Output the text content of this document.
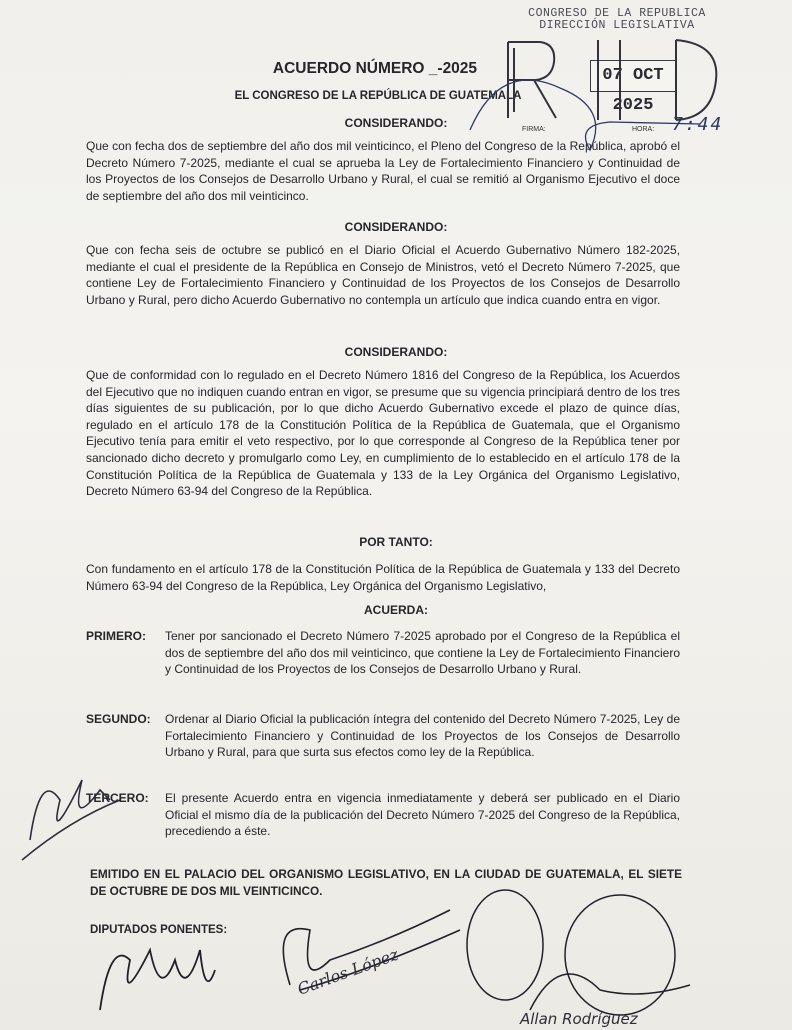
CONGRESO DE LA REPUBLICA
DIRECCIÓN LEGISLATIVA
07 OCT 2025
FIRMA:	HORA: 7:44
ACUERDO NÚMERO _-2025
EL CONGRESO DE LA REPÚBLICA DE GUATEMALA
CONSIDERANDO:
Que con fecha dos de septiembre del año dos mil veinticinco, el Pleno del Congreso de la República, aprobó el Decreto Número 7-2025, mediante el cual se aprueba la Ley de Fortalecimiento Financiero y Continuidad de los Proyectos de los Consejos de Desarrollo Urbano y Rural, el cual se remitió al Organismo Ejecutivo el doce de septiembre del año dos mil veinticinco.
CONSIDERANDO:
Que con fecha seis de octubre se publicó en el Diario Oficial el Acuerdo Gubernativo Número 182-2025, mediante el cual el presidente de la República en Consejo de Ministros, vetó el Decreto Número 7-2025, que contiene Ley de Fortalecimiento Financiero y Continuidad de los Proyectos de los Consejos de Desarrollo Urbano y Rural, pero dicho Acuerdo Gubernativo no contempla un artículo que indica cuando entra en vigor.
CONSIDERANDO:
Que de conformidad con lo regulado en el Decreto Número 1816 del Congreso de la República, los Acuerdos del Ejecutivo que no indiquen cuando entran en vigor, se presume que su vigencia principiará dentro de los tres días siguientes de su publicación, por lo que dicho Acuerdo Gubernativo excede el plazo de quince días, regulado en el artículo 178 de la Constitución Política de la República de Guatemala, que el Organismo Ejecutivo tenía para emitir el veto respectivo, por lo que corresponde al Congreso de la República tener por sancionado dicho decreto y promulgarlo como Ley, en cumplimiento de lo establecido en el artículo 178 de la Constitución Política de la República de Guatemala y 133 de la Ley Orgánica del Organismo Legislativo, Decreto Número 63-94 del Congreso de la República.
POR TANTO:
Con fundamento en el artículo 178 de la Constitución Política de la República de Guatemala y 133 del Decreto Número 63-94 del Congreso de la República, Ley Orgánica del Organismo Legislativo,
ACUERDA:
PRIMERO: Tener por sancionado el Decreto Número 7-2025 aprobado por el Congreso de la República el dos de septiembre del año dos mil veinticinco, que contiene la Ley de Fortalecimiento Financiero y Continuidad de los Proyectos de los Consejos de Desarrollo Urbano y Rural.
SEGUNDO: Ordenar al Diario Oficial la publicación íntegra del contenido del Decreto Número 7-2025, Ley de Fortalecimiento Financiero y Continuidad de los Proyectos de los Consejos de Desarrollo Urbano y Rural, para que surta sus efectos como ley de la República.
TERCERO: El presente Acuerdo entra en vigencia inmediatamente y deberá ser publicado en el Diario Oficial el mismo día de la publicación del Decreto Número 7-2025 del Congreso de la República, precediendo a éste.
EMITIDO EN EL PALACIO DEL ORGANISMO LEGISLATIVO, EN LA CIUDAD DE GUATEMALA, EL SIETE DE OCTUBRE DE DOS MIL VEINTICINCO.
DIPUTADOS PONENTES:
Carlos López
Allan Rodríguez
